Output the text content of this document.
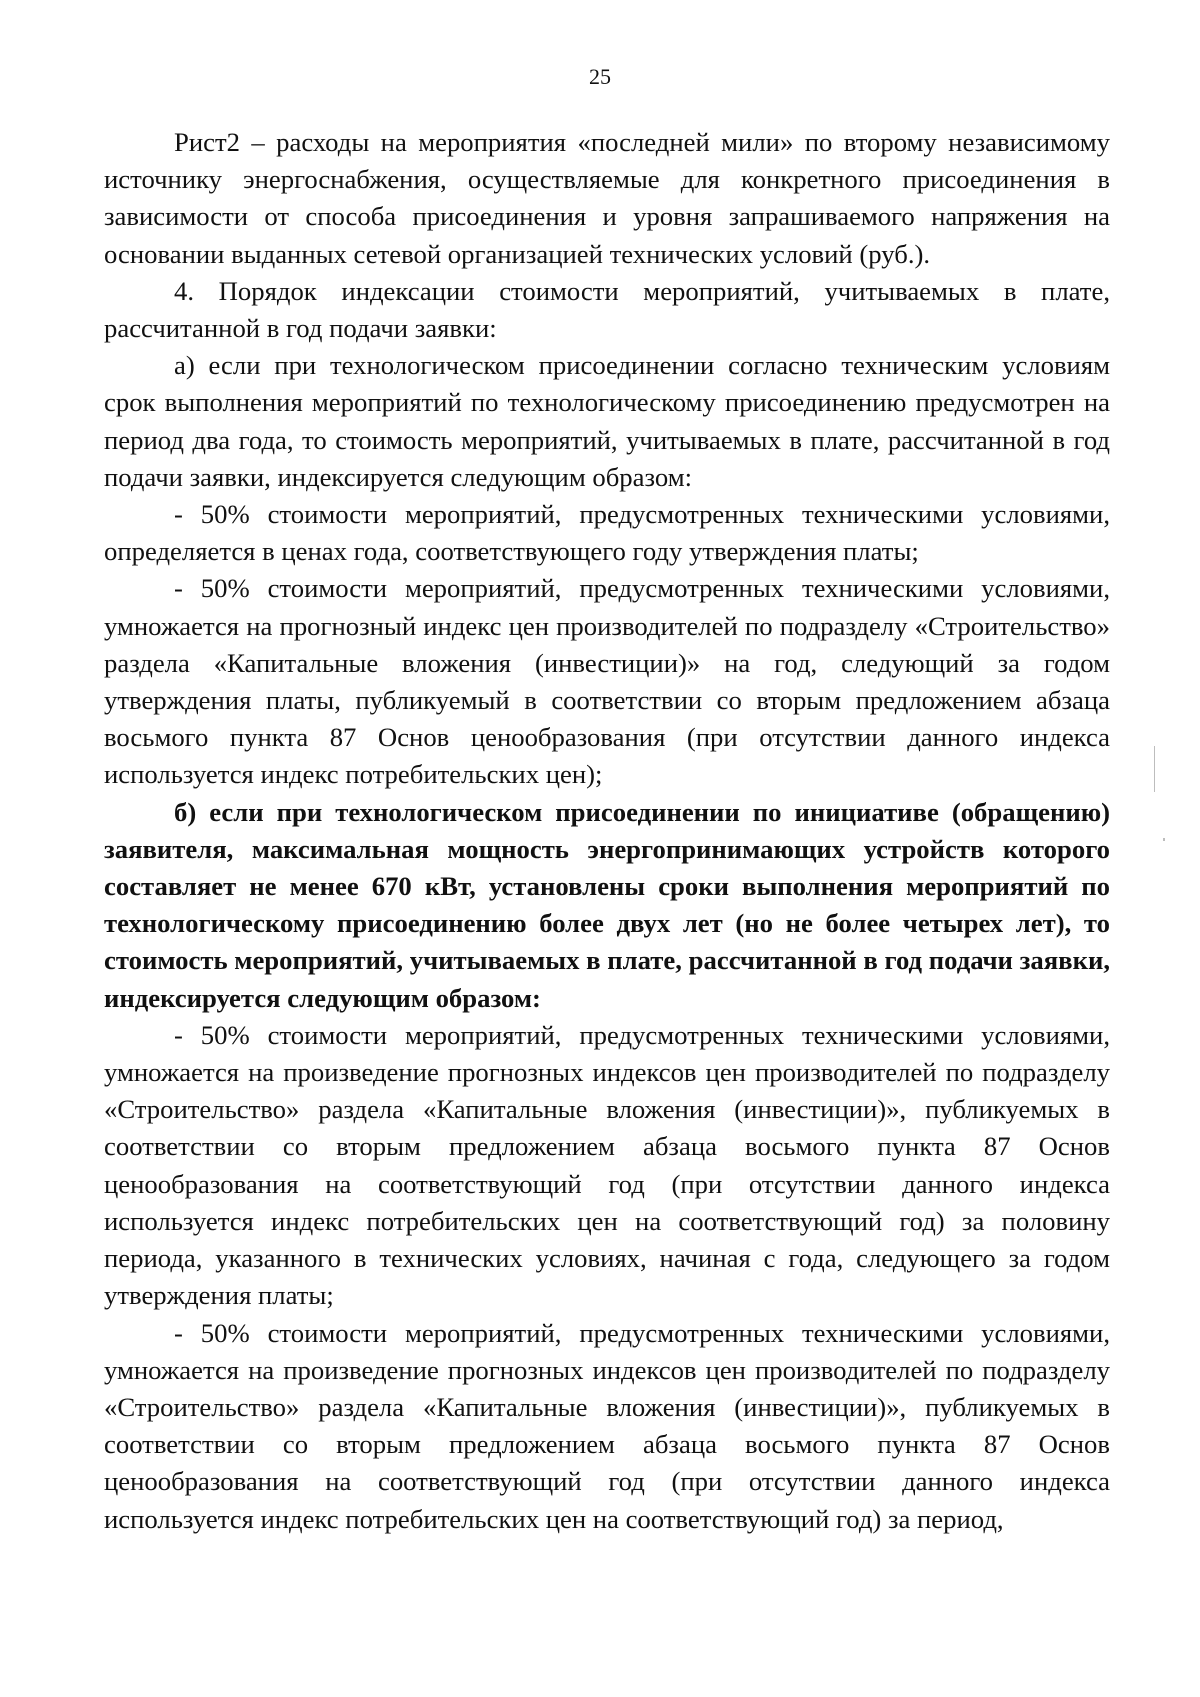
25

Pист2 – расходы на мероприятия «последней мили» по второму независимому источнику энергоснабжения, осуществляемые для конкретного присоединения в зависимости от способа присоединения и уровня запрашиваемого напряжения на основании выданных сетевой организацией технических условий (руб.).

4. Порядок индексации стоимости мероприятий, учитываемых в плате, рассчитанной в год подачи заявки:

а) если при технологическом присоединении согласно техническим условиям срок выполнения мероприятий по технологическому присоединению предусмотрен на период два года, то стоимость мероприятий, учитываемых в плате, рассчитанной в год подачи заявки, индексируется следующим образом:

- 50% стоимости мероприятий, предусмотренных техническими условиями, определяется в ценах года, соответствующего году утверждения платы;

- 50% стоимости мероприятий, предусмотренных техническими условиями, умножается на прогнозный индекс цен производителей по подразделу «Строительство» раздела «Капитальные вложения (инвестиции)» на год, следующий за годом утверждения платы, публикуемый в соответствии со вторым предложением абзаца восьмого пункта 87 Основ ценообразования (при отсутствии данного индекса используется индекс потребительских цен);

б) если при технологическом присоединении по инициативе (обращению) заявителя, максимальная мощность энергопринимающих устройств которого составляет не менее 670 кВт, установлены сроки выполнения мероприятий по технологическому присоединению более двух лет (но не более четырех лет), то стоимость мероприятий, учитываемых в плате, рассчитанной в год подачи заявки, индексируется следующим образом:

- 50% стоимости мероприятий, предусмотренных техническими условиями, умножается на произведение прогнозных индексов цен производителей по подразделу «Строительство» раздела «Капитальные вложения (инвестиции)», публикуемых в соответствии со вторым предложением абзаца восьмого пункта 87 Основ ценообразования на соответствующий год (при отсутствии данного индекса используется индекс потребительских цен на соответствующий год) за половину периода, указанного в технических условиях, начиная с года, следующего за годом утверждения платы;

- 50% стоимости мероприятий, предусмотренных техническими условиями, умножается на произведение прогнозных индексов цен производителей по подразделу «Строительство» раздела «Капитальные вложения (инвестиции)», публикуемых в соответствии со вторым предложением абзаца восьмого пункта 87 Основ ценообразования на соответствующий год (при отсутствии данного индекса используется индекс потребительских цен на соответствующий год) за период,
